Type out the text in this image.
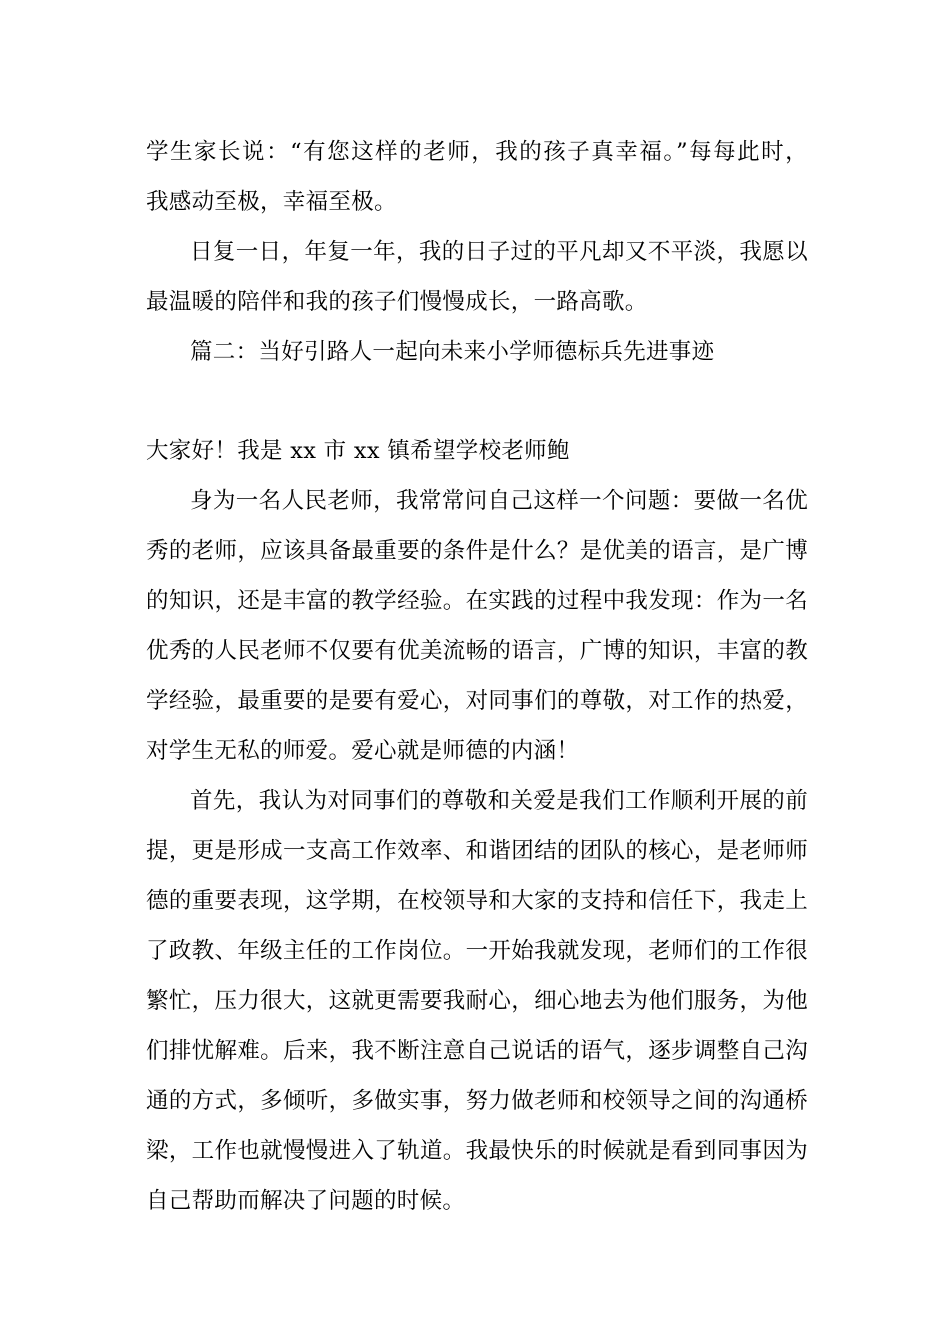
学生家长说：“有您这样的老师，我的孩子真幸福。”每每此时，
我感动至极，幸福至极。
日复一日，年复一年，我的日子过的平凡却又不平淡，我愿以
最温暖的陪伴和我的孩子们慢慢成长，一路高歌。
篇二：当好引路人一起向未来小学师德标兵先进事迹
大家好！我是 xx 市 xx 镇希望学校老师鲍
身为一名人民老师，我常常问自己这样一个问题：要做一名优
秀的老师，应该具备最重要的条件是什么？是优美的语言，是广博
的知识，还是丰富的教学经验。在实践的过程中我发现：作为一名
优秀的人民老师不仅要有优美流畅的语言，广博的知识，丰富的教
学经验，最重要的是要有爱心，对同事们的尊敬，对工作的热爱，
对学生无私的师爱。爱心就是师德的内涵！
首先，我认为对同事们的尊敬和关爱是我们工作顺利开展的前
提，更是形成一支高工作效率、和谐团结的团队的核心，是老师师
德的重要表现，这学期，在校领导和大家的支持和信任下，我走上
了政教、年级主任的工作岗位。一开始我就发现，老师们的工作很
繁忙，压力很大，这就更需要我耐心，细心地去为他们服务，为他
们排忧解难。后来，我不断注意自己说话的语气，逐步调整自己沟
通的方式，多倾听，多做实事，努力做老师和校领导之间的沟通桥
梁，工作也就慢慢进入了轨道。我最快乐的时候就是看到同事因为
自己帮助而解决了问题的时候。
